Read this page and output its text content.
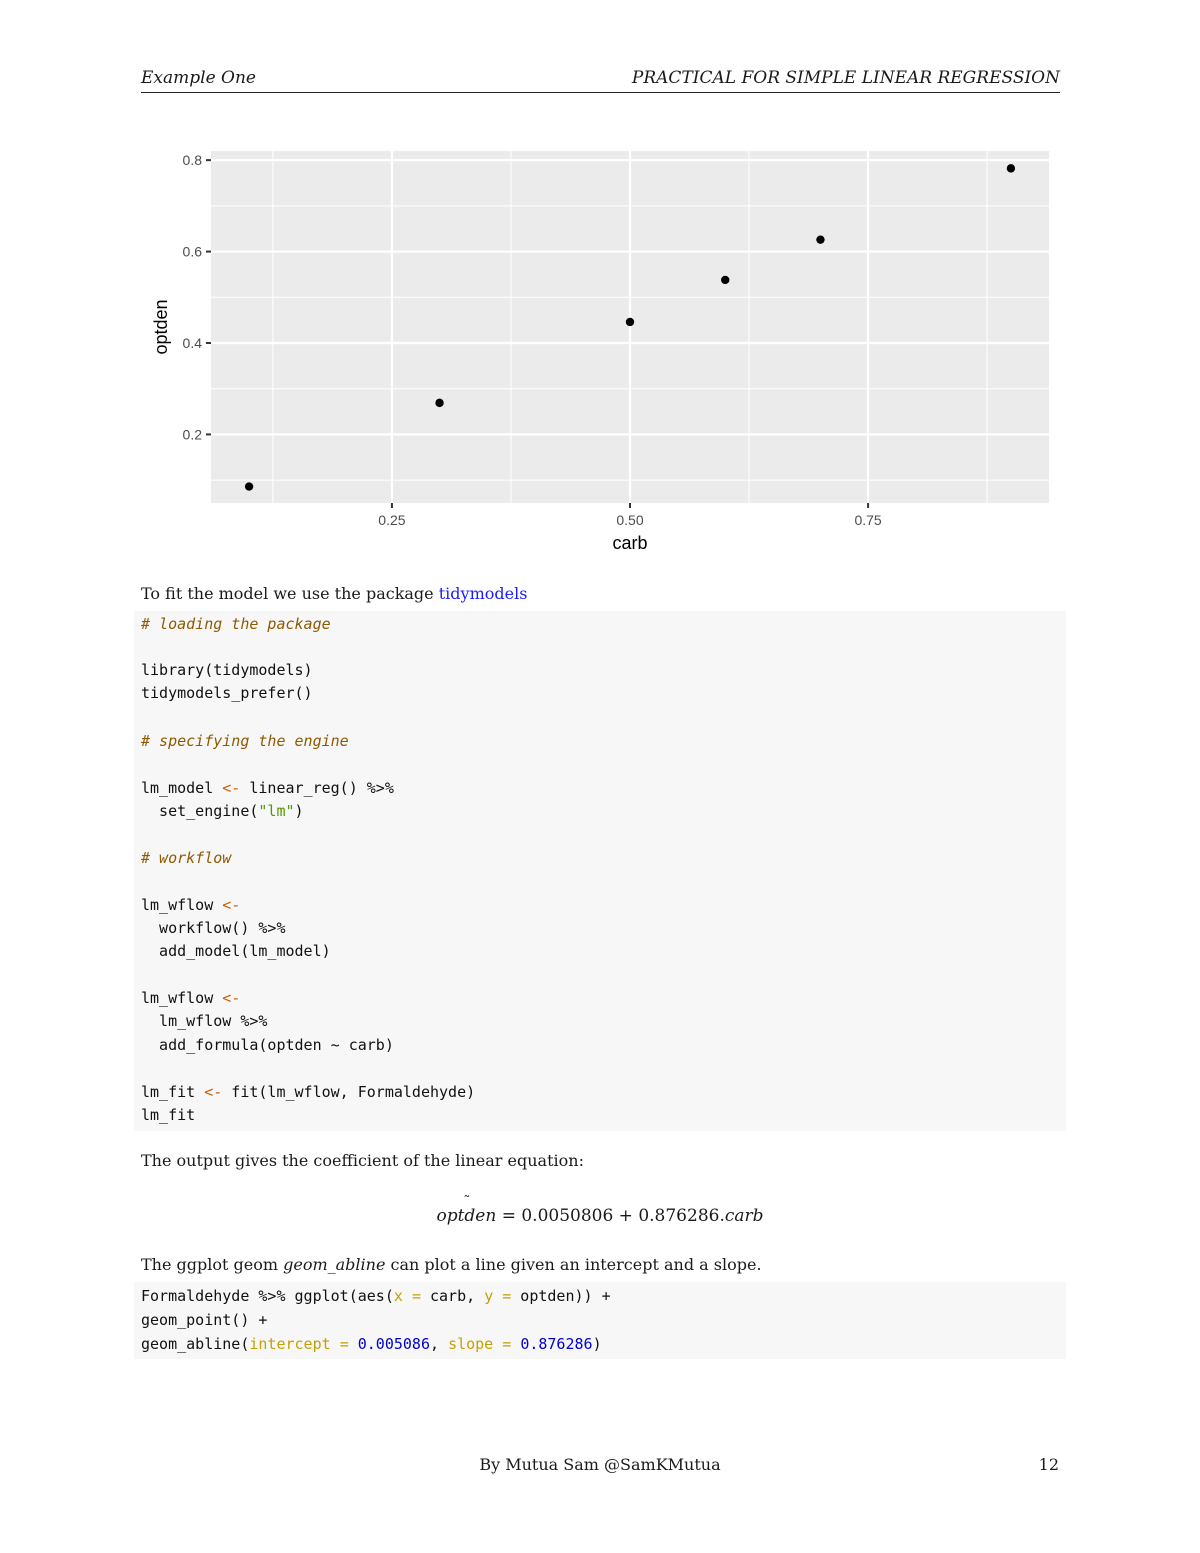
Example One	PRACTICAL FOR SIMPLE LINEAR REGRESSION
0.25	0.50	0.75
0.2
0.4
0.6
0.8
carb
optden
To fit the model we use the package tidymodels
# loading the package
library(tidymodels)
tidymodels_prefer()
# specifying the engine
lm_model <- linear_reg() %>%
set_engine("lm")
# workflow
lm_wflow <-
workflow() %>%
add_model(lm_model)
lm_wflow <-
lm_wflow %>%
add_formula(optden ~ carb)
lm_fit <- fit(lm_wflow, Formaldehyde)
lm_fit
The output gives the coefficient of the linear equation:
optden ˜ = 0.0050806 + 0.876286.carb
The ggplot geom geom_abline can plot a line given an intercept and a slope.
Formaldehyde %>% ggplot(aes(x = carb, y = optden)) +
geom_point() +
geom_abline(intercept = 0.005086, slope = 0.876286)
By Mutua Sam @SamKMutua	12
